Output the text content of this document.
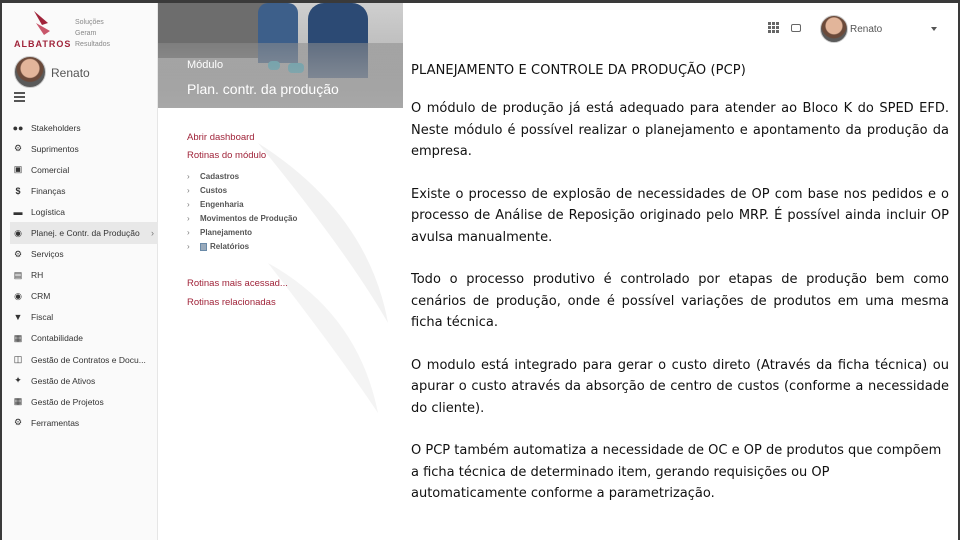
ALBATROS
Soluções
Geram
Resultados
Renato
●● Stakeholders
⚙	Suprimentos
▣	Comercial
$	Finanças
▬	Logística
◉	Planej. e Contr. da Produção ›
⚙	Serviços
▤	RH
◉	CRM
▼	Fiscal
▦	Contabilidade
◫	Gestão de Contratos e Docu...
✦	Gestão de Ativos
▦	Gestão de Projetos
⚙	Ferramentas
Módulo
Plan. contr. da produção
Abrir dashboard
Rotinas do módulo
›	Cadastros
›	Custos
›	Engenharia
›	Movimentos de Produção
›	Planejamento
›	Relatórios
Rotinas mais acessad...
Rotinas relacionadas
Renato
PLANEJAMENTO E CONTROLE DA PRODUÇÃO (PCP)

O módulo de produção já está adequado para atender ao Bloco K do SPED EFD. Neste módulo é possível realizar o planejamento e apontamento da produção da empresa.

Existe o processo de explosão de necessidades de OP com base nos pedidos e o processo de Análise de Reposição originado pelo MRP. É possível ainda incluir OP avulsa manualmente.

Todo o processo produtivo é controlado por etapas de produção bem como cenários de produção, onde é possível variações de produtos em uma mesma ficha técnica.

O modulo está integrado para gerar o custo direto (Através da ficha técnica) ou apurar o custo através da absorção de centro de custos (conforme a necessidade do cliente).

O PCP também automatiza a necessidade de OC e OP de produtos que compõem a ficha técnica de determinado item, gerando requisições ou OP automaticamente conforme a parametrização.
